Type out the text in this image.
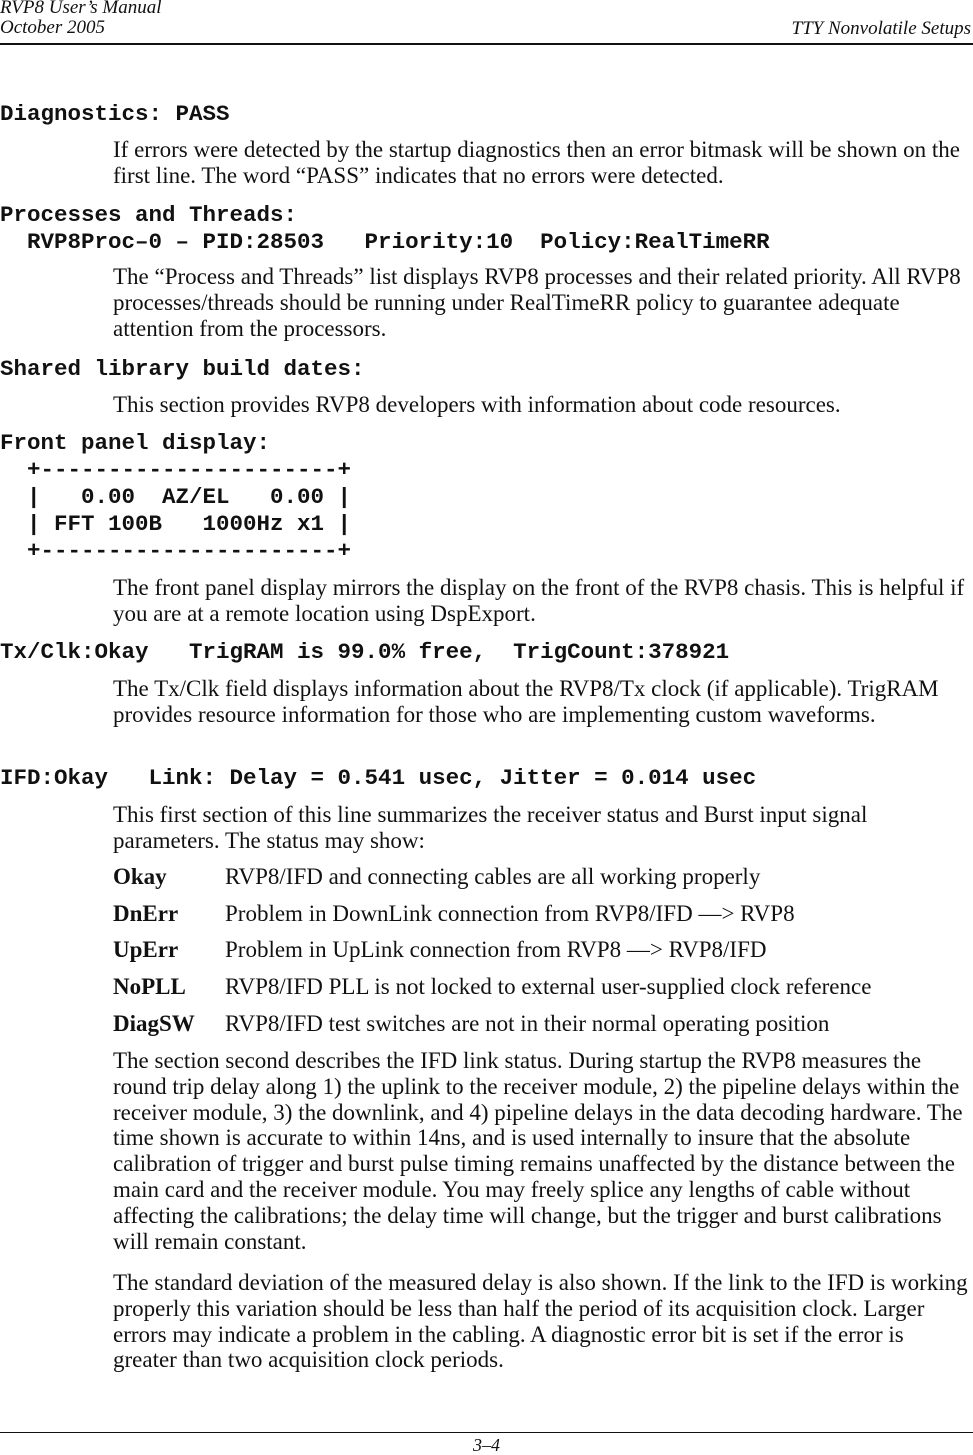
RVP8 User’s Manual
October 2005	TTY Nonvolatile Setups
Diagnostics: PASS

If errors were detected by the startup diagnostics then an error bitmask will be shown on the first line. The word “PASS” indicates that no errors were detected.

Processes and Threads:
RVP8Proc–0 – PID:28503   Priority:10  Policy:RealTimeRR

The “Process and Threads” list displays RVP8 processes and their related priority. All RVP8 processes/threads should be running under RealTimeRR policy to guarantee adequate attention from the processors.

Shared library build dates:

This section provides RVP8 developers with information about code resources.

Front panel display:
+----------------------+
|   0.00  AZ/EL   0.00 |
| FFT 100B   1000Hz x1 |
+----------------------+

The front panel display mirrors the display on the front of the RVP8 chasis. This is helpful if you are at a remote location using DspExport.

Tx/Clk:Okay   TrigRAM is 99.0% free,  TrigCount:378921

The Tx/Clk field displays information about the RVP8/Tx clock (if applicable). TrigRAM provides resource information for those who are implementing custom waveforms.

IFD:Okay   Link: Delay = 0.541 usec, Jitter = 0.014 usec

This first section of this line summarizes the receiver status and Burst input signal parameters. The status may show:

Okay	RVP8/IFD and connecting cables are all working properly
DnErr Problem in DownLink connection from RVP8/IFD —> RVP8
UpErr Problem in UpLink connection from RVP8 —> RVP8/IFD
NoPLL RVP8/IFD PLL is not locked to external user-supplied clock reference
DiagSW RVP8/IFD test switches are not in their normal operating position

The section second describes the IFD link status. During startup the RVP8 measures the round trip delay along 1) the uplink to the receiver module, 2) the pipeline delays within the receiver module, 3) the downlink, and 4) pipeline delays in the data decoding hardware. The time shown is accurate to within 14ns, and is used internally to insure that the absolute calibration of trigger and burst pulse timing remains unaffected by the distance between the main card and the receiver module. You may freely splice any lengths of cable without affecting the calibrations; the delay time will change, but the trigger and burst calibrations will remain constant.

The standard deviation of the measured delay is also shown. If the link to the IFD is working properly this variation should be less than half the period of its acquisition clock. Larger errors may indicate a problem in the cabling. A diagnostic error bit is set if the error is greater than two acquisition clock periods.

3–4
